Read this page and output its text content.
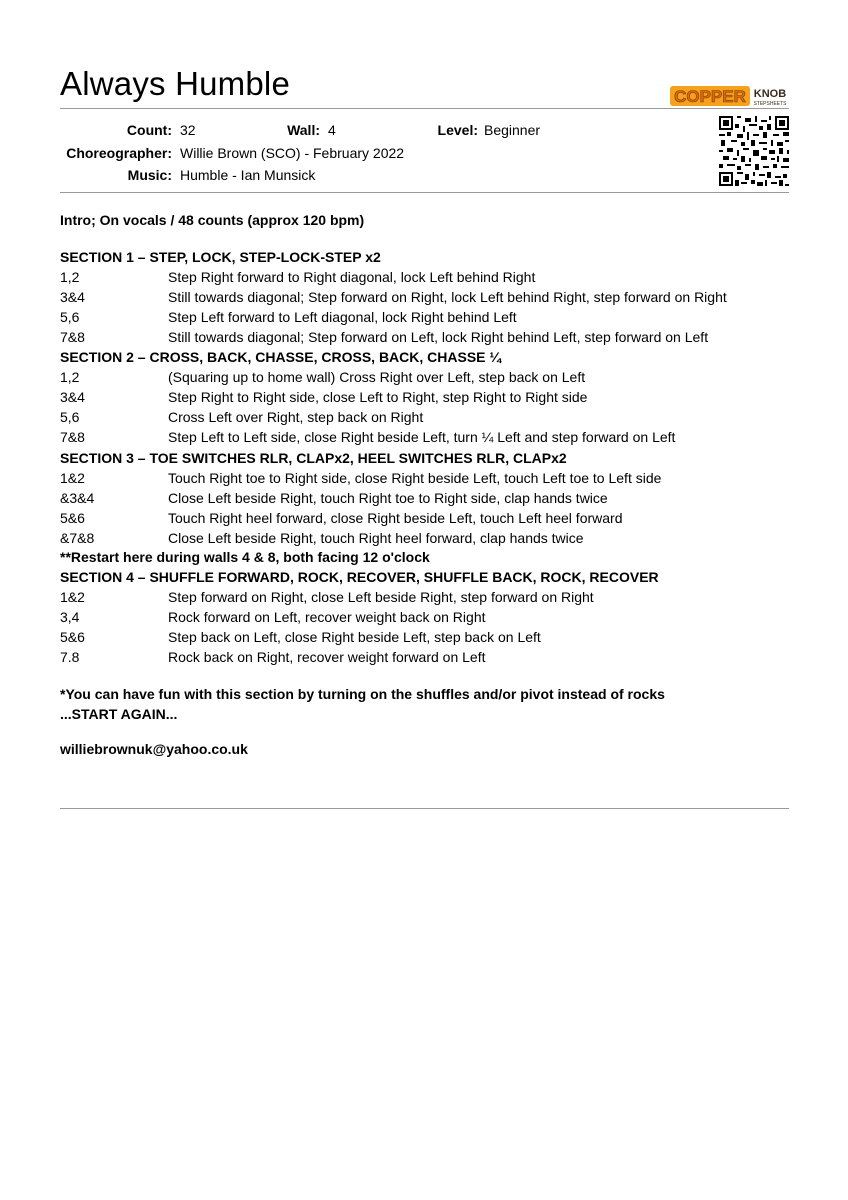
Always Humble	COPPER KNOB
STEPSHEETS
Count: 32	Wall: 4	Level: Beginner
Choreographer: Willie Brown (SCO) - February 2022
Music: Humble - Ian Munsick
Intro; On vocals / 48 counts (approx 120 bpm)
SECTION 1 – STEP, LOCK, STEP-LOCK-STEP x2
1,2	Step Right forward to Right diagonal, lock Left behind Right
3&4	Still towards diagonal; Step forward on Right, lock Left behind Right, step forward on Right
5,6	Step Left forward to Left diagonal, lock Right behind Left
7&8	Still towards diagonal; Step forward on Left, lock Right behind Left, step forward on Left
SECTION 2 – CROSS, BACK, CHASSE, CROSS, BACK, CHASSE ¼
1,2	(Squaring up to home wall) Cross Right over Left, step back on Left
3&4	Step Right to Right side, close Left to Right, step Right to Right side
5,6	Cross Left over Right, step back on Right
7&8	Step Left to Left side, close Right beside Left, turn ¼ Left and step forward on Left
SECTION 3 – TOE SWITCHES RLR, CLAPx2, HEEL SWITCHES RLR, CLAPx2
1&2	Touch Right toe to Right side, close Right beside Left, touch Left toe to Left side
&3&4	Close Left beside Right, touch Right toe to Right side, clap hands twice
5&6	Touch Right heel forward, close Right beside Left, touch Left heel forward
&7&8	Close Left beside Right, touch Right heel forward, clap hands twice
**Restart here during walls 4 & 8, both facing 12 o'clock
SECTION 4 – SHUFFLE FORWARD, ROCK, RECOVER, SHUFFLE BACK, ROCK, RECOVER
1&2	Step forward on Right, close Left beside Right, step forward on Right
3,4	Rock forward on Left, recover weight back on Right
5&6	Step back on Left, close Right beside Left, step back on Left
7.8	Rock back on Right, recover weight forward on Left
*You can have fun with this section by turning on the shuffles and/or pivot instead of rocks
...START AGAIN...
williebrownuk@yahoo.co.uk
